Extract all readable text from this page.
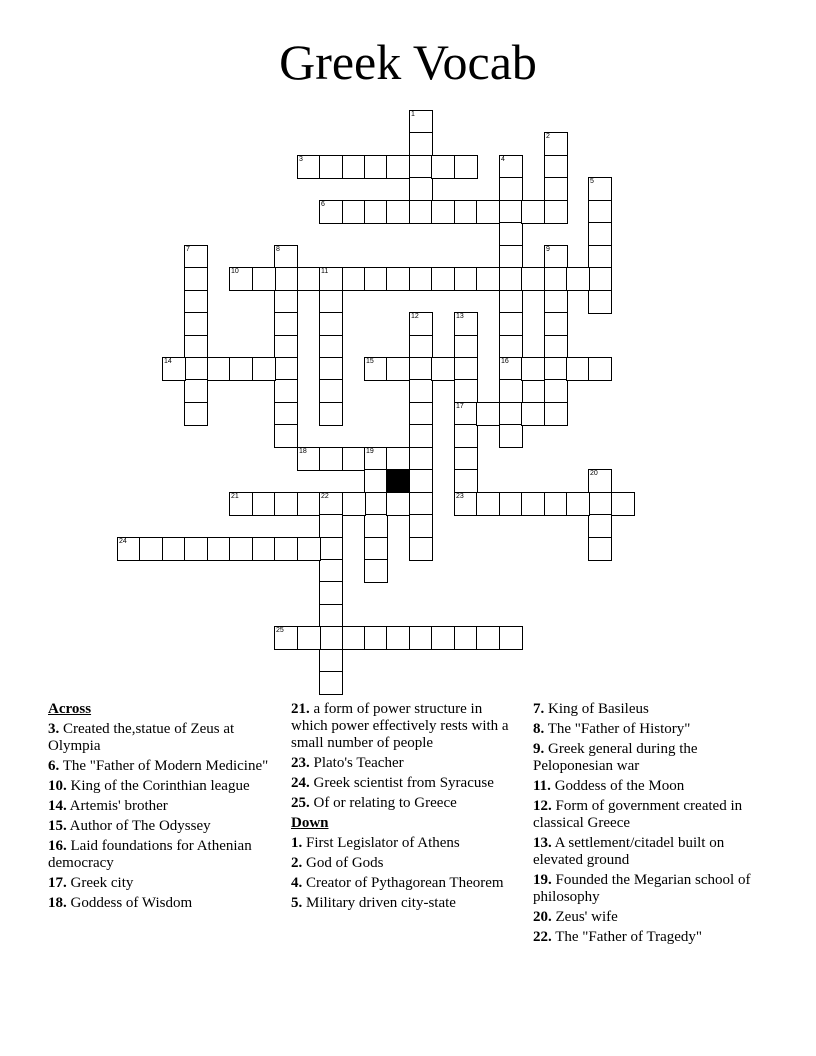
Greek Vocab
1
2
3	4
16
5
6
7	8	9
10	11
12	13
17
14	15
18	19
20
21	22	23
24
25
Across
3. Created the,statue of Zeus at Olympia
6. The "Father of Modern Medicine"
10. King of the Corinthian league
14. Artemis' brother
15. Author of The Odyssey
16. Laid foundations for Athenian democracy
17. Greek city
18. Goddess of Wisdom
21. a form of power structure in which power effectively rests with a small number of people
23. Plato's Teacher
24. Greek scientist from Syracuse
25. Of or relating to Greece
Down
1. First Legislator of Athens
2. God of Gods
4. Creator of Pythagorean Theorem
5. Military driven city-state
7. King of Basileus
8. The "Father of History"
9. Greek general during the Peloponesian war
11. Goddess of the Moon
12. Form of government created in classical Greece
13. A settlement/citadel built on elevated ground
19. Founded the Megarian school of philosophy
20. Zeus' wife
22. The "Father of Tragedy"
